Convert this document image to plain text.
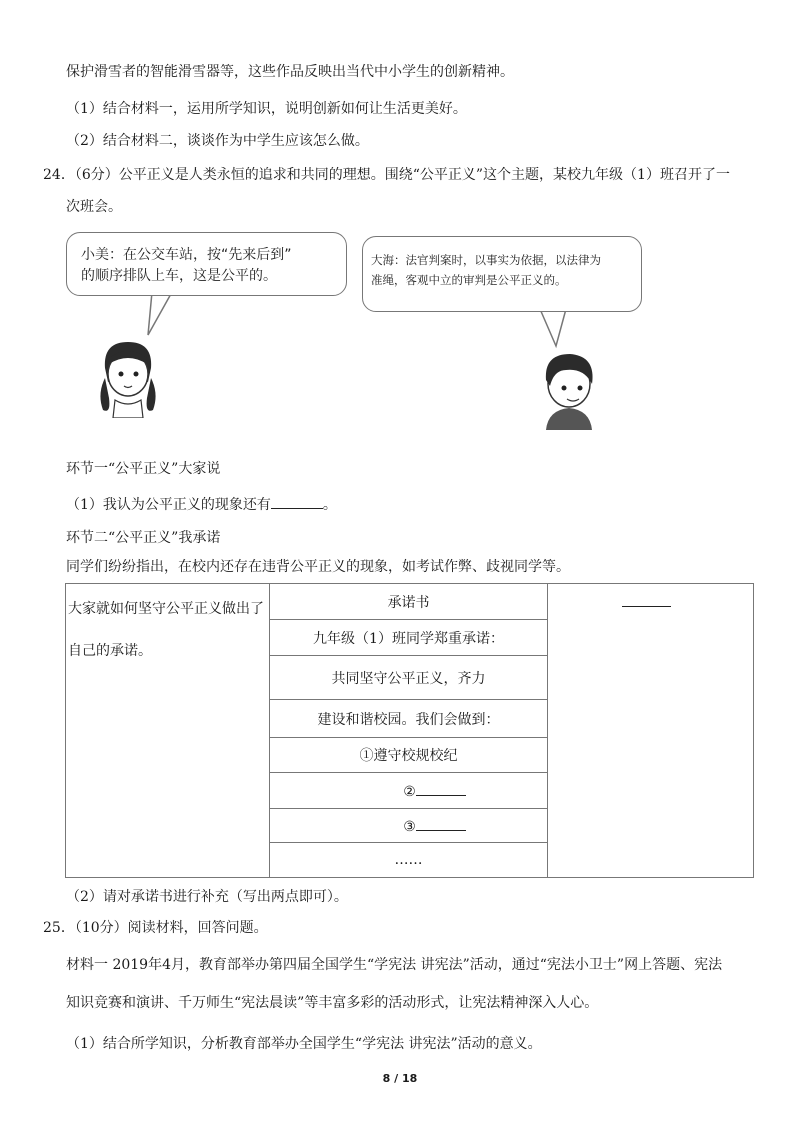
保护滑雪者的智能滑雪器等，这些作品反映出当代中小学生的创新精神。
（1）结合材料一，运用所学知识，说明创新如何让生活更美好。
（2）结合材料二，谈谈作为中学生应该怎么做。
24．（6分）公平正义是人类永恒的追求和共同的理想。围绕“公平正义”这个主题，某校九年级（1）班召开了一
次班会。
小美：在公交车站，按“先来后到”
的顺序排队上车，这是公平的。
大海：法官判案时，以事实为依据，以法律为
准绳，客观中立的审判是公平正义的。
环节一“公平正义”大家说
（1）我认为公平正义的现象还有	。
环节二“公平正义”我承诺
同学们纷纷指出，在校内还存在违背公平正义的现象，如考试作弊、歧视同学等。
大家就如何坚守公平正义做出了
自己的承诺。
	承诺书	

九年级（1）班同学郑重承诺：
共同坚守公平正义，齐力
建设和谐校园。我们会做到：
①遵守校规校纪
②
③
……
（2）请对承诺书进行补充（写出两点即可）。
25．（10分）阅读材料，回答问题。
材料一 2019年4月，教育部举办第四届全国学生“学宪法 讲宪法”活动，通过“宪法小卫士”网上答题、宪法
知识竞赛和演讲、千万师生“宪法晨读”等丰富多彩的活动形式，让宪法精神深入人心。
（1）结合所学知识，分析教育部举办全国学生“学宪法 讲宪法”活动的意义。
8 / 18
